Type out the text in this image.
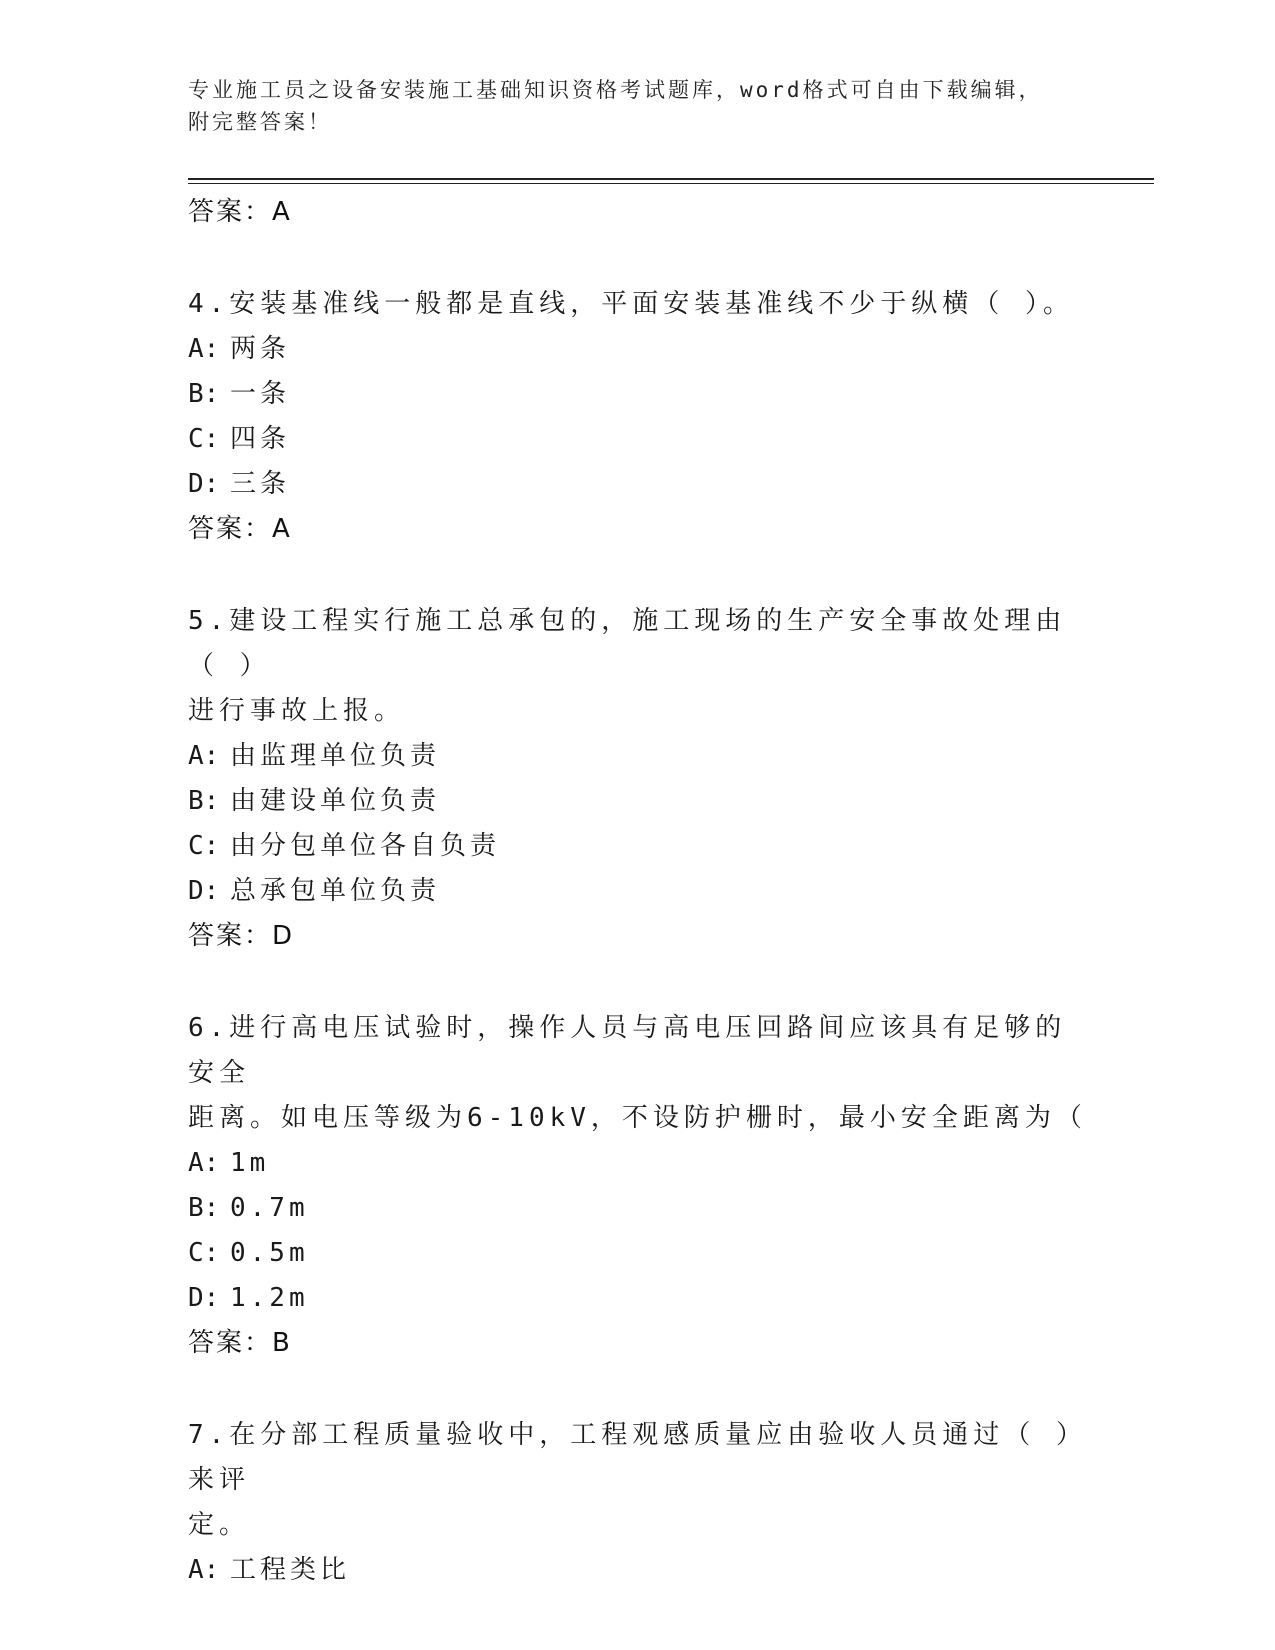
专业施工员之设备安装施工基础知识资格考试题库，word格式可自由下载编辑，
附完整答案！
答案：A
4.安装基准线一般都是直线，平面安装基准线不少于纵横（ ）。
A: 两条
B: 一条
C: 四条
D: 三条
答案：A
5.建设工程实行施工总承包的，施工现场的生产安全事故处理由（ ）
进行事故上报。
A: 由监理单位负责
B: 由建设单位负责
C: 由分包单位各自负责
D: 总承包单位负责
答案：D
6.进行高电压试验时，操作人员与高电压回路间应该具有足够的安全
距离。如电压等级为6-10kV，不设防护栅时，最小安全距离为（
A: 1m
B: 0.7m
C: 0.5m
D: 1.2m
答案：B
7.在分部工程质量验收中，工程观感质量应由验收人员通过（ ）来评
定。
A: 工程类比
